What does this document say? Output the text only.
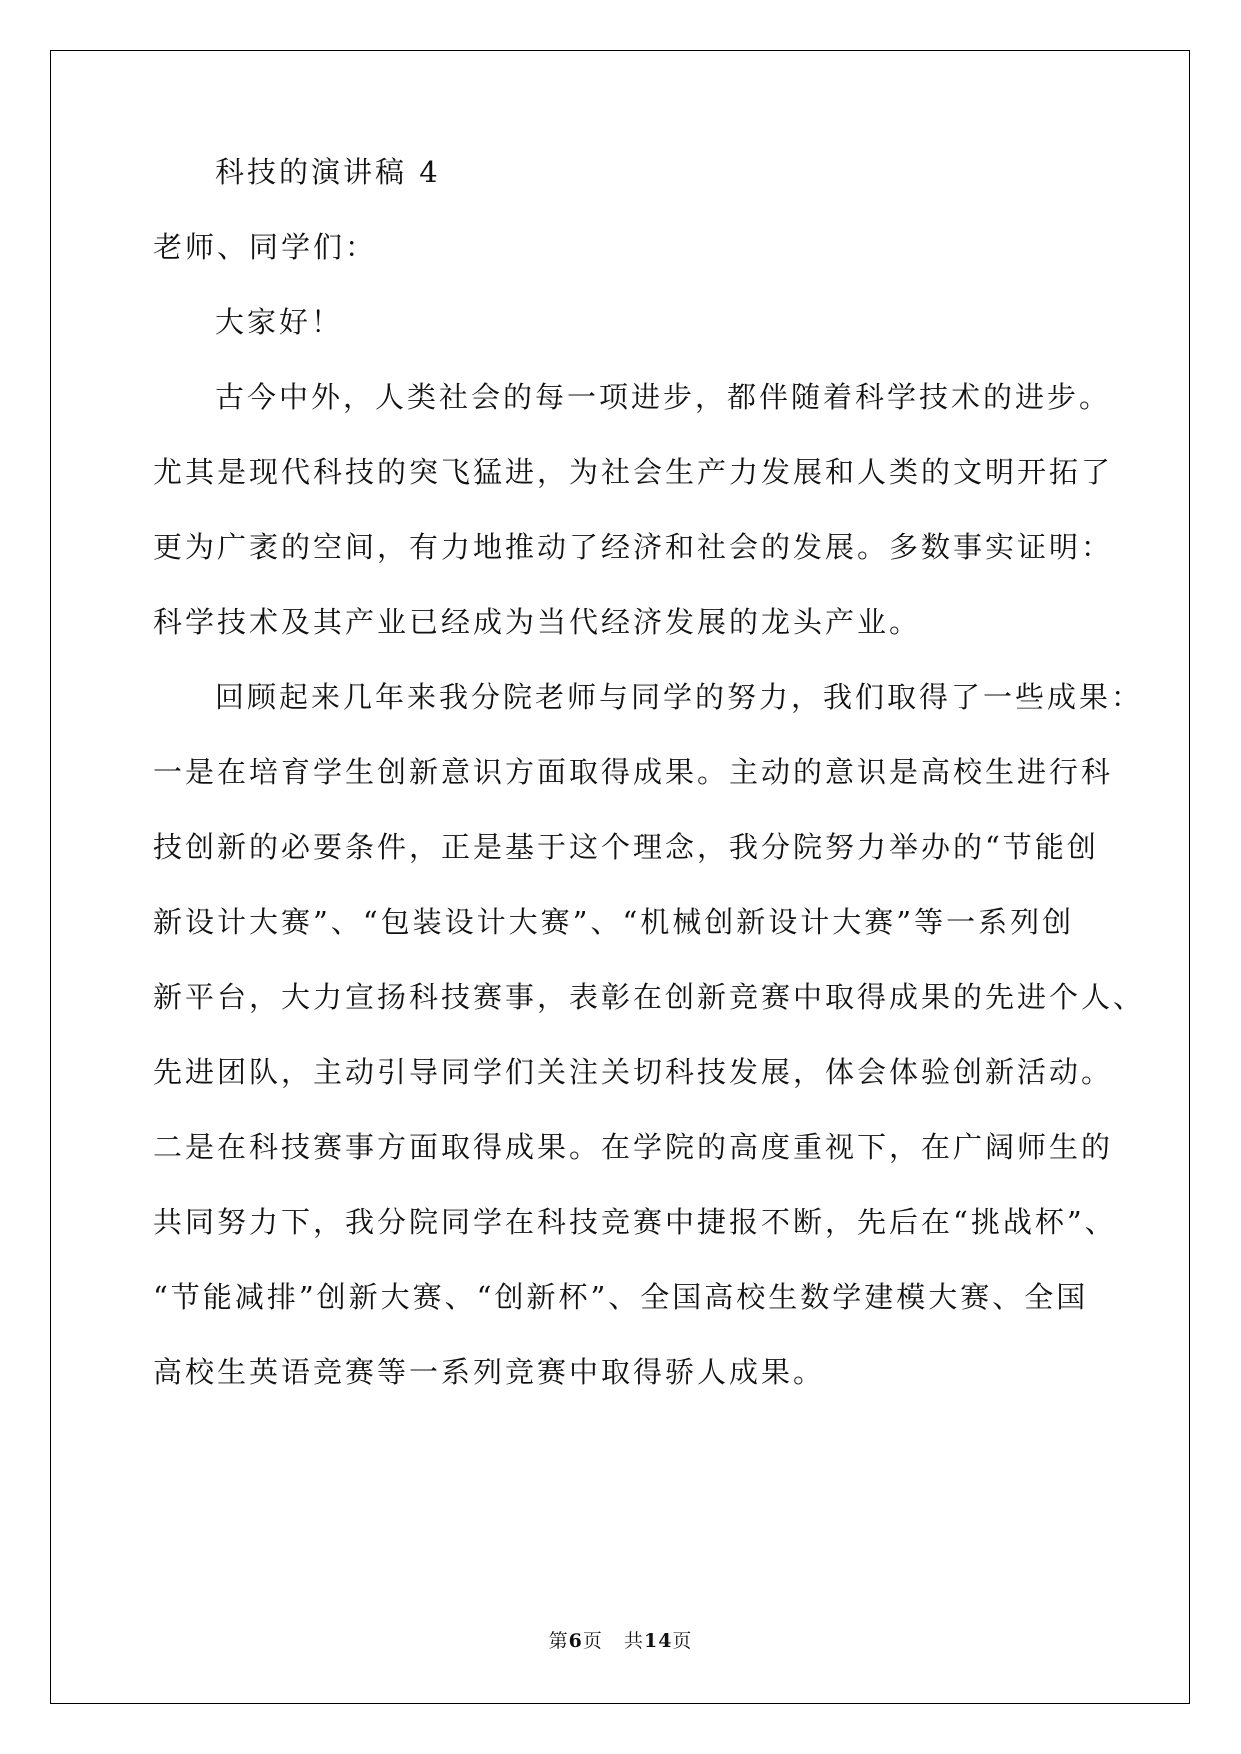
科技的演讲稿 4
老师、同学们：
大家好！
古今中外，人类社会的每一项进步，都伴随着科学技术的进步。
尤其是现代科技的突飞猛进，为社会生产力发展和人类的文明开拓了
更为广袤的空间，有力地推动了经济和社会的发展。多数事实证明：
科学技术及其产业已经成为当代经济发展的龙头产业。
回顾起来几年来我分院老师与同学的努力，我们取得了一些成果：
一是在培育学生创新意识方面取得成果。主动的意识是高校生进行科
技创新的必要条件，正是基于这个理念，我分院努力举办的“节能创
新设计大赛”、“包装设计大赛”、“机械创新设计大赛”等一系列创
新平台，大力宣扬科技赛事，表彰在创新竞赛中取得成果的先进个人、
先进团队，主动引导同学们关注关切科技发展，体会体验创新活动。
二是在科技赛事方面取得成果。在学院的高度重视下，在广阔师生的
共同努力下，我分院同学在科技竞赛中捷报不断，先后在“挑战杯”、
“节能减排”创新大赛、“创新杯”、全国高校生数学建模大赛、全国
高校生英语竞赛等一系列竞赛中取得骄人成果。
第6页 共14页
